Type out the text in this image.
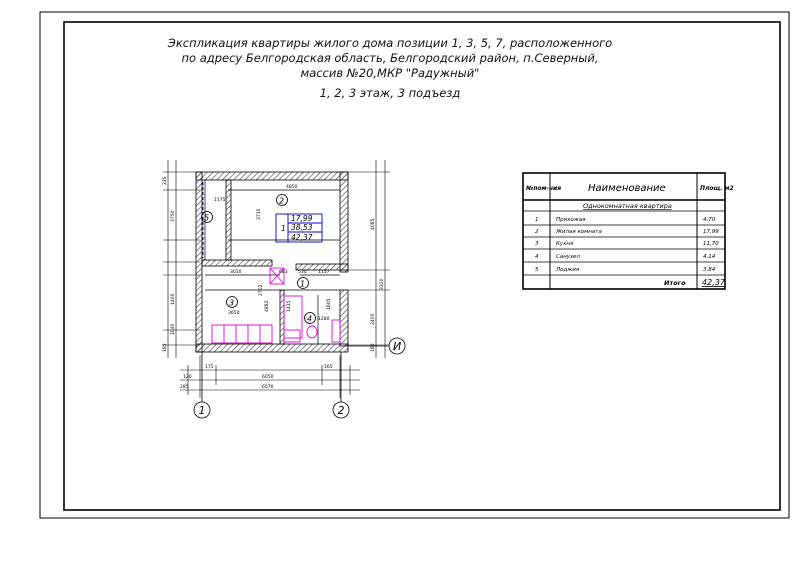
1
17,99
38,53
42,37
2
5
3
1
4
4850
1175
3010	683 530	1157
3650
1280
6050
6570
175
120
285
165
3710
2702
4882	1415	1605
4085
3320
2400
180
3750
1400
1040
225
185
1	2
И
№пом-ния	Наименование	Площ. м2
Однокомнатная квартира
1	Прихожая	4,70
2	Жилая комната	17,99
3	Кухня	11,70
4	Санузел	4,14
5	Лоджия	3,84
Итого 42,37
Экспликация квартиры жилого дома позиции 1, 3, 5, 7, расположенного
по адресу Белгородская область, Белгородский район, п.Северный,
массив №20,МКР "Радужный"
1, 2, 3 этаж, 3 подъезд
